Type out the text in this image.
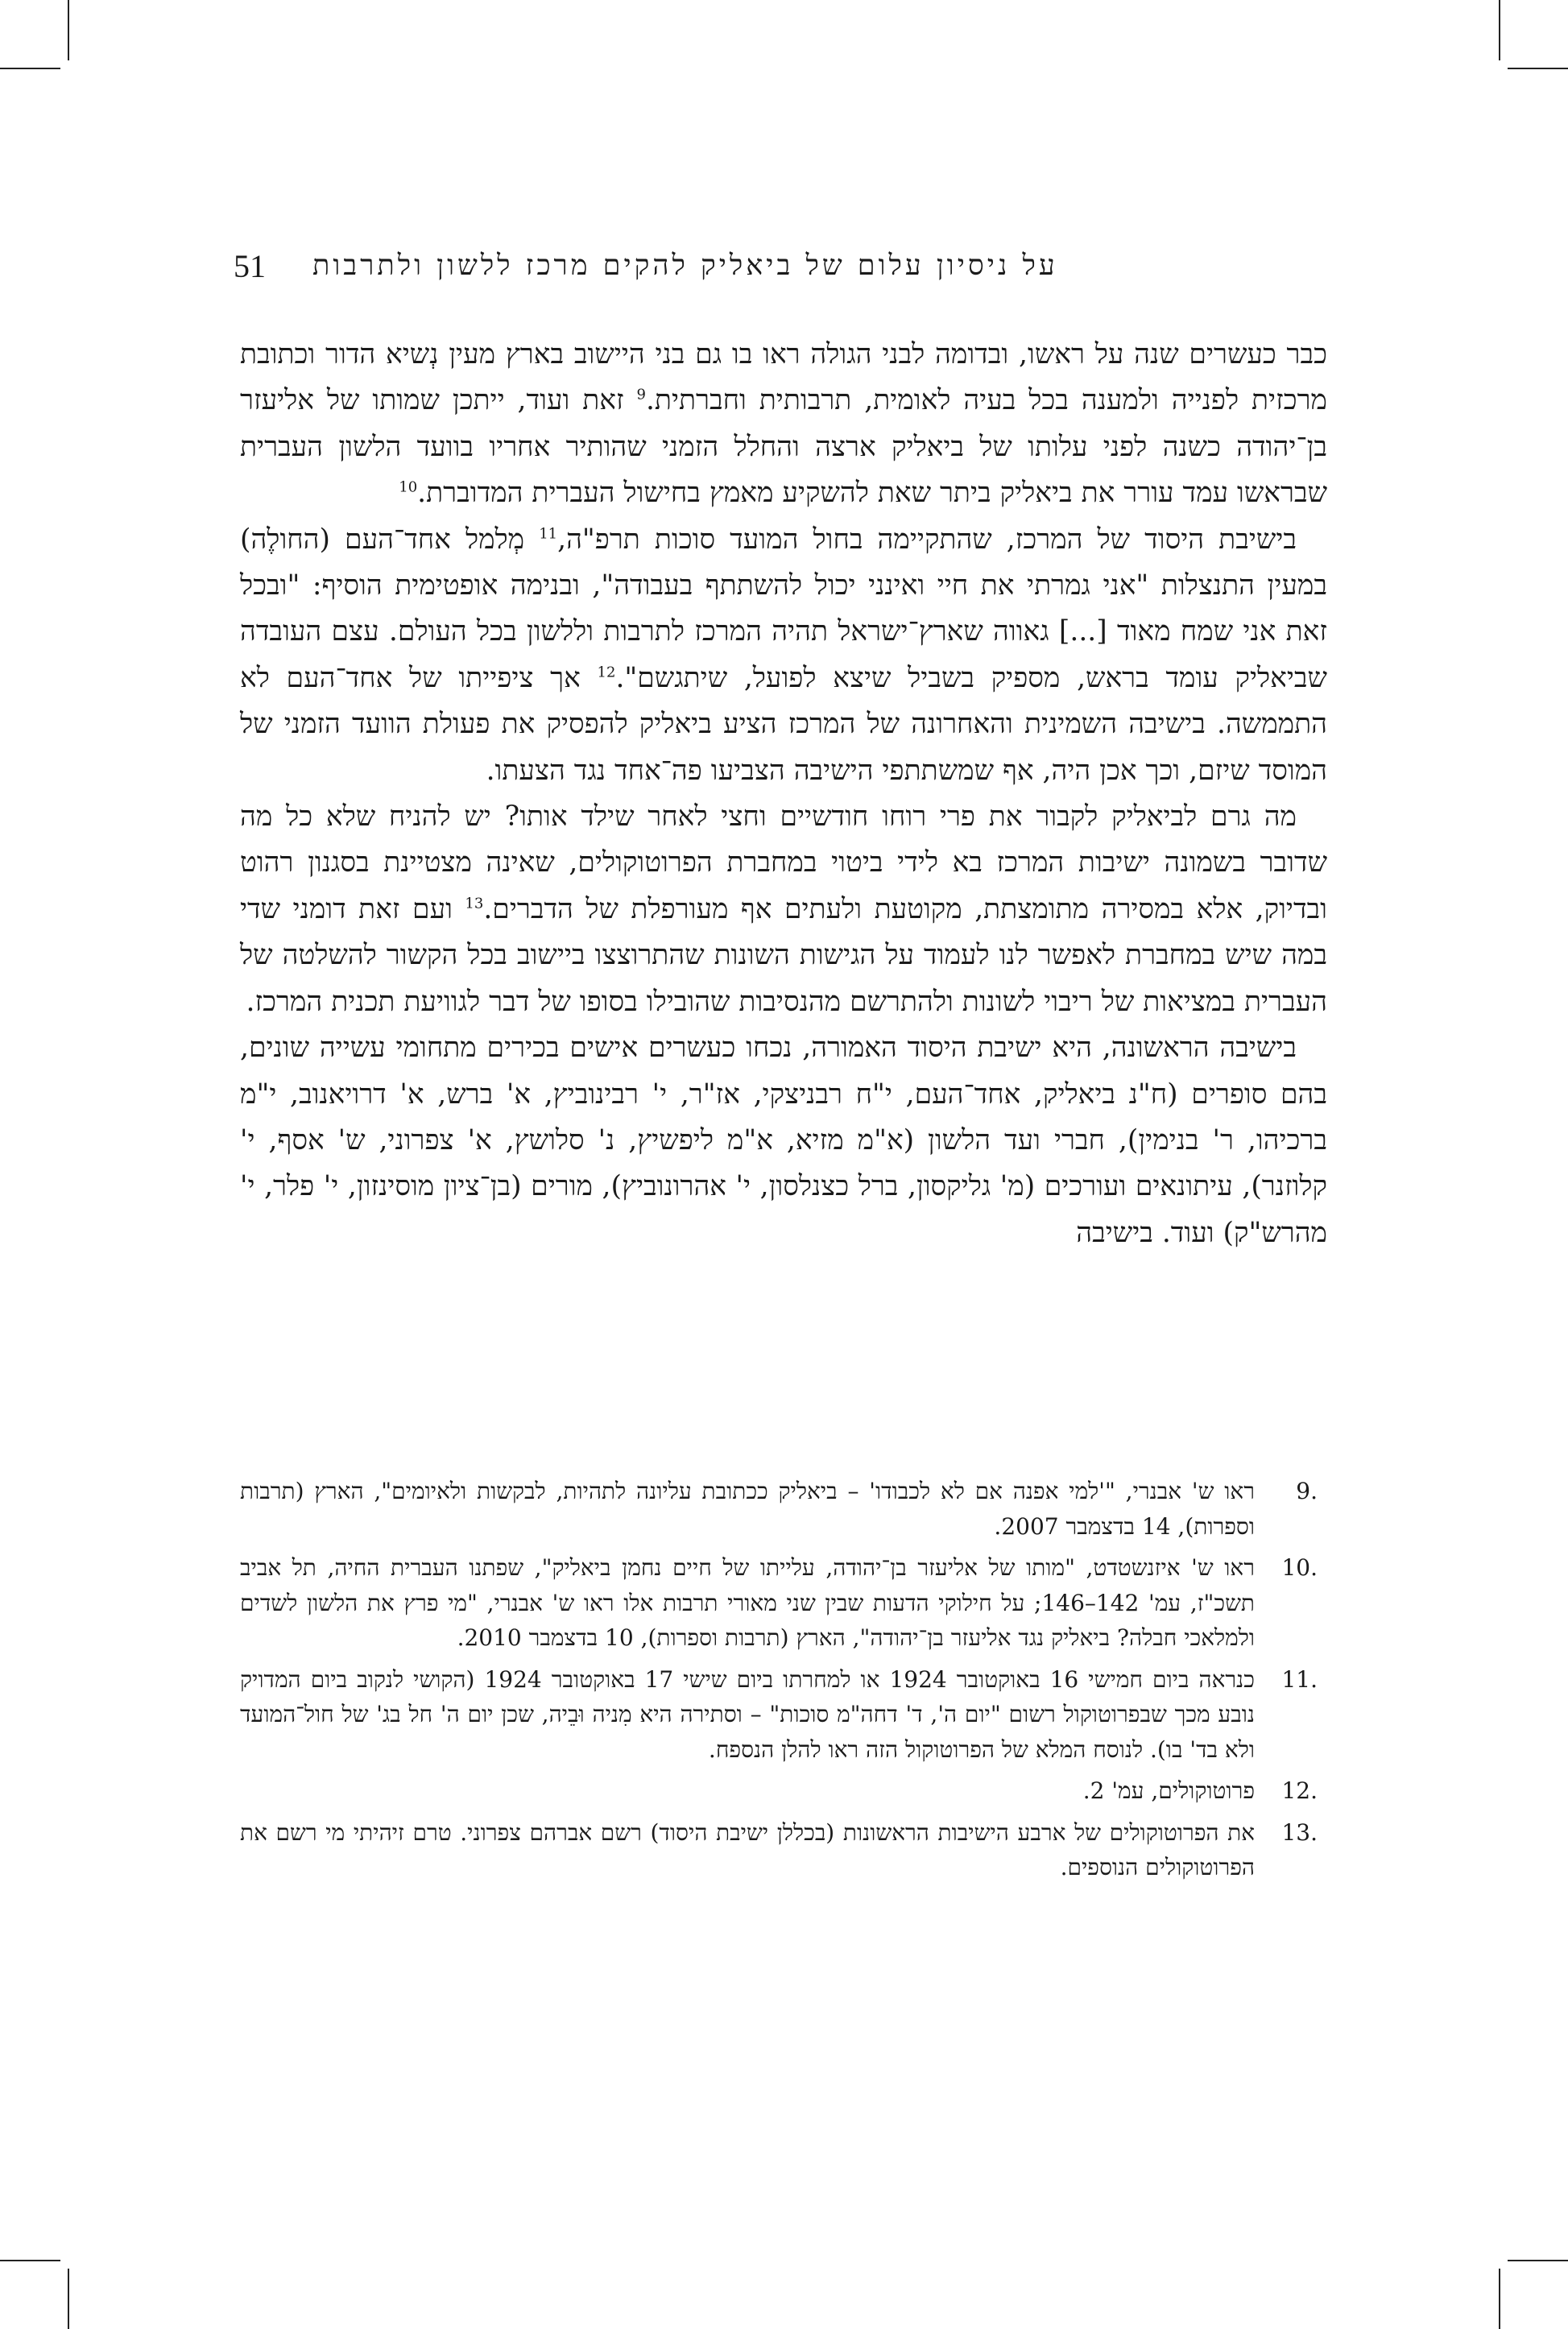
51 על ניסיון עלום של ביאליק להקים מרכז ללשון ולתרבות

כבר כעשרים שנה על ראשו, ובדומה לבני הגולה ראו בו גם בני היישוב בארץ מעין נְשיא הדור וכתובת מרכזית לפנייה ולמענה בכל בעיה לאומית, תרבותית וחברתית.$^9$ זאת ועוד, ייתכן שמותו של אליעזר בן־יהודה כשנה לפני עלותו של ביאליק ארצה והחלל הזמני שהותיר אחריו בוועד הלשון העברית שבראשו עמד עורר את ביאליק ביתר שאת להשקיע מאמץ בחישול העברית המדוברת.$^{10}$

בישיבת היסוד של המרכז, שהתקיימה בחול המועד סוכות תרפ"ה,$^{11}$ מְלמל אחד־העם (החולֶה) במעין התנצלות "אני גמרתי את חיי ואינני יכול להשתתף בעבודה", ובנימה אופטימית הוסיף: "ובכל זאת אני שמח מאוד [...] גאווה שארץ־ישראל תהיה המרכז לתרבות וללשון בכל העולם. עצם העובדה שביאליק עומד בראש, מספיק בשביל שיצא לפועל, שיתגשם".$^{12}$ אך ציפייתו של אחד־העם לא התממשה. בישיבה השמינית והאחרונה של המרכז הציע ביאליק להפסיק את פעולת הוועד הזמני של המוסד שיזם, וכך אכן היה, אף שמשתתפי הישיבה הצביעו פה־אחד נגד הצעתו.

מה גרם לביאליק לקבור את פרי רוחו חודשיים וחצי לאחר שילד אותו? יש להניח שלא כל מה שדובר בשמונה ישיבות המרכז בא לידי ביטוי במחברת הפרוטוקולים, שאינה מצטיינת בסגנון רהוט ובדיוק, אלא במסירה מתומצתת, מקוטעת ולעתים אף מעורפלת של הדברים.$^{13}$ ועם זאת דומני שדי במה שיש במחברת לאפשר לנו לעמוד על הגישות השונות שהתרוצצו ביישוב בכל הקשור להשלטה של העברית במציאות של ריבוי לשונות ולהתרשם מהנסיבות שהובילו בסופו של דבר לגוויעת תכנית המרכז.

בישיבה הראשונה, היא ישיבת היסוד האמורה, נכחו כעשרים אישים בכירים מתחומי עשייה שונים, בהם סופרים (ח"נ ביאליק, אחד־העם, י"ח רבניצקי, אז"ר, י' רבינוביץ, א' ברש, א' דרויאנוב, י"מ ברכיהו, ר' בנימין), חברי ועד הלשון (א"מ מזיא, א"מ ליפשיץ, נ' סלושץ, א' צפרוני, ש' אסף, י' קלוזנר), עיתונאים ועורכים (מ' גליקסון, ברל כצנלסון, י' אהרונוביץ), מורים (בן־ציון מוסינזון, י' פלר, י' מהרש"ק) ועוד. בישיבה

.9
ראו ש' אבנרי, "'למי אפנה אם לא לכבודו' – ביאליק ככתובת עליונה לתהיות, לבקשות ולאיומים", הארץ (תרבות וספרות), 14 בדצמבר 2007.
.10
ראו ש' איזנשטדט, "מותו של אליעזר בן־יהודה, עלייתו של חיים נחמן ביאליק", שפתנו העברית החיה, תל אביב תשכ"ז, עמ' 142–146; על חילוקי הדעות שבין שני מאורי תרבות אלו ראו ש' אבנרי, "מי פרץ את הלשון לשדים ולמלאכי חבלה? ביאליק נגד אליעזר בן־יהודה", הארץ (תרבות וספרות), 10 בדצמבר 2010.
.11
כנראה ביום חמישי 16 באוקטובר 1924 או למחרתו ביום שישי 17 באוקטובר 1924 (הקושי לנקוב ביום המדויק נובע מכך שבפרוטוקול רשום "יום ה', ד' דחה"מ סוכות" – וסתירה היא מִניה וּבֵיה, שכן יום ה' חל בג' של חול־המועד ולא בד' בו). לנוסח המלא של הפרוטוקול הזה ראו להלן הנספח.
.12
פרוטוקולים, עמ' 2.
.13
את הפרוטוקולים של ארבע הישיבות הראשונות (בכללן ישיבת היסוד) רשם אברהם צפרוני. טרם זיהיתי מי רשם את הפרוטוקולים הנוספים.
